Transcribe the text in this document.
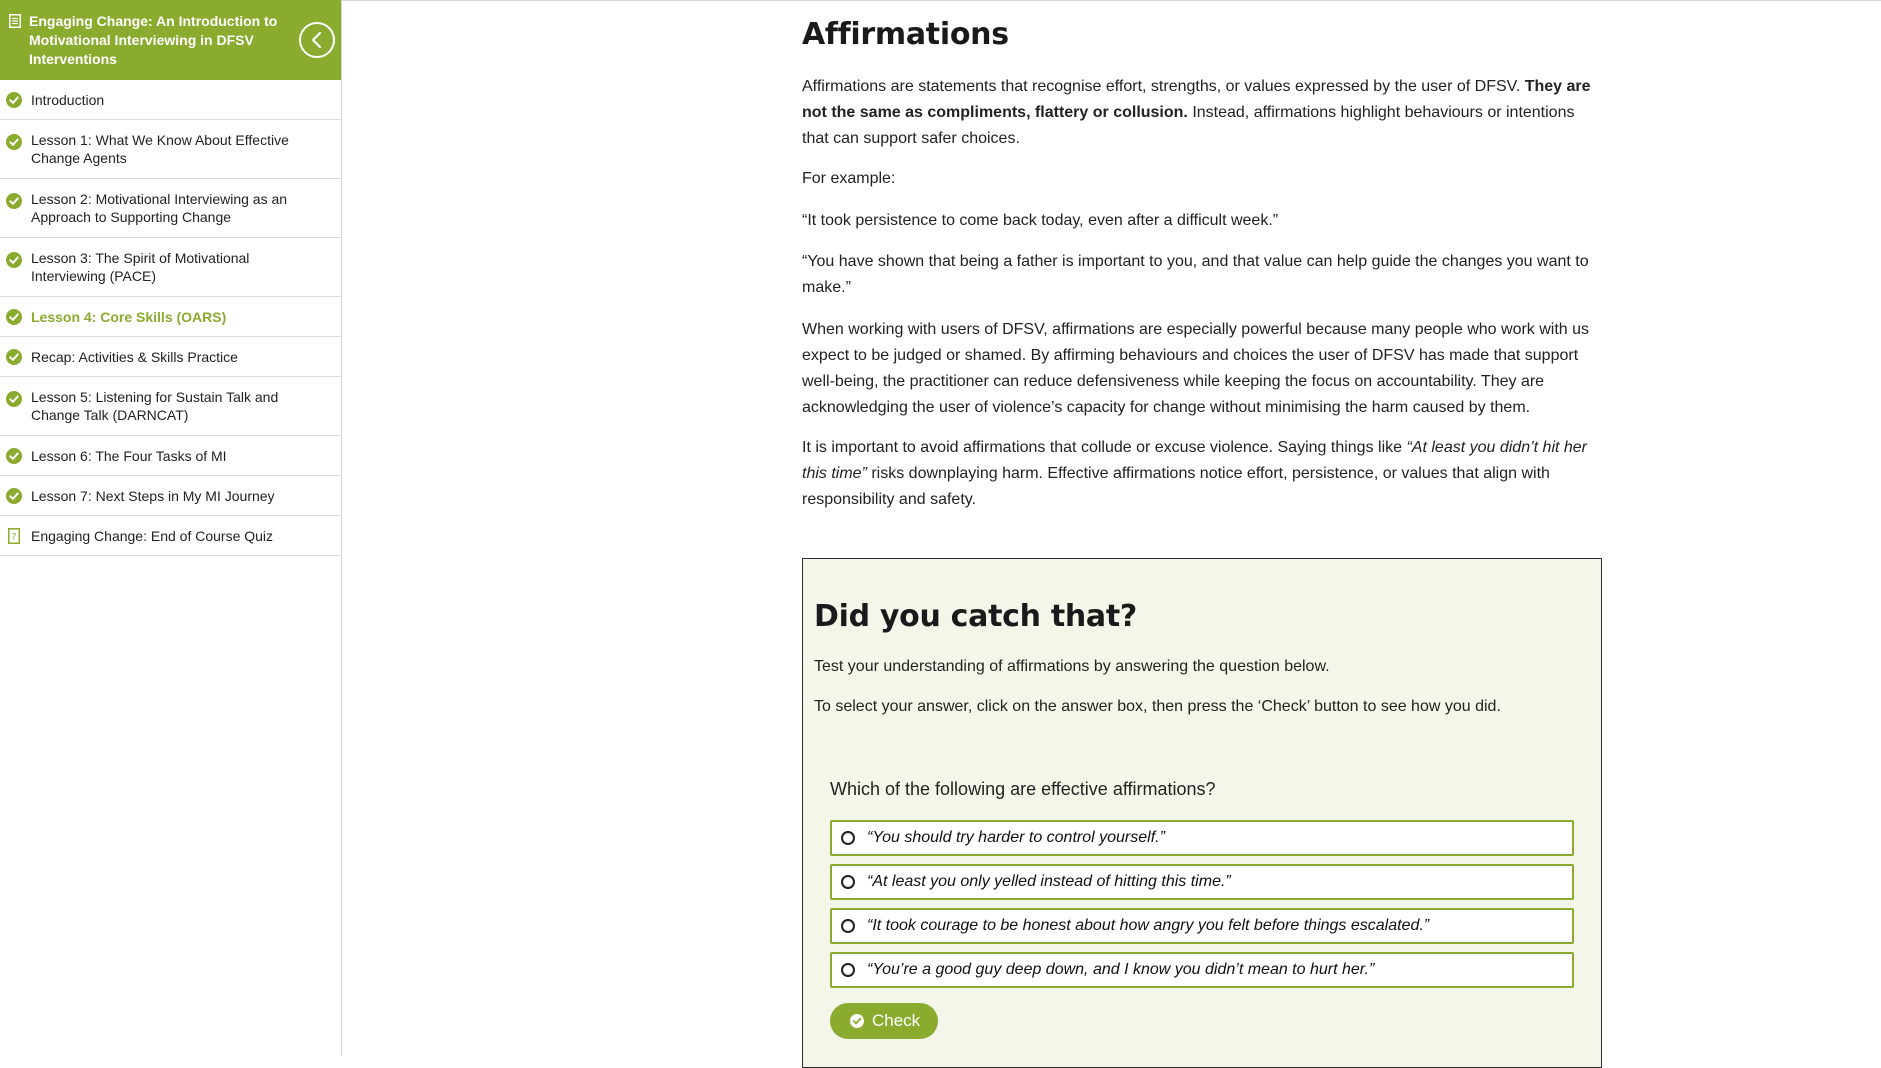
Engaging Change: An Introduction to Motivational Interviewing in DFSV Interventions
Introduction
Lesson 1: What We Know About Effective Change Agents
Lesson 2: Motivational Interviewing as an Approach to Supporting Change
Lesson 3: The Spirit of Motivational Interviewing (PACE)
Lesson 4: Core Skills (OARS)
Recap: Activities & Skills Practice
Lesson 5: Listening for Sustain Talk and Change Talk (DARNCAT)
Lesson 6: The Four Tasks of MI
Lesson 7: Next Steps in My MI Journey
? Engaging Change: End of Course Quiz
Affirmations

Affirmations are statements that recognise effort, strengths, or values expressed by the user of DFSV. They are not the same as compliments, flattery or collusion. Instead, affirmations highlight behaviours or intentions that can support safer choices.

For example:

“It took persistence to come back today, even after a difficult week.”

“You have shown that being a father is important to you, and that value can help guide the changes you want to make.”

When working with users of DFSV, affirmations are especially powerful because many people who work with us expect to be judged or shamed. By affirming behaviours and choices the user of DFSV has made that support well-being, the practitioner can reduce defensiveness while keeping the focus on accountability. They are acknowledging the user of violence’s capacity for change without minimising the harm caused by them.

It is important to avoid affirmations that collude or excuse violence. Saying things like “At least you didn’t hit her this time” risks downplaying harm. Effective affirmations notice effort, persistence, or values that align with responsibility and safety.

Did you catch that?

Test your understanding of affirmations by answering the question below.

To select your answer, click on the answer box, then press the ‘Check’ button to see how you did.

Which of the following are effective affirmations?

“You should try harder to control yourself.”
“At least you only yelled instead of hitting this time.”
“It took courage to be honest about how angry you felt before things escalated.”
“You’re a good guy deep down, and I know you didn’t mean to hurt her.”
Check
